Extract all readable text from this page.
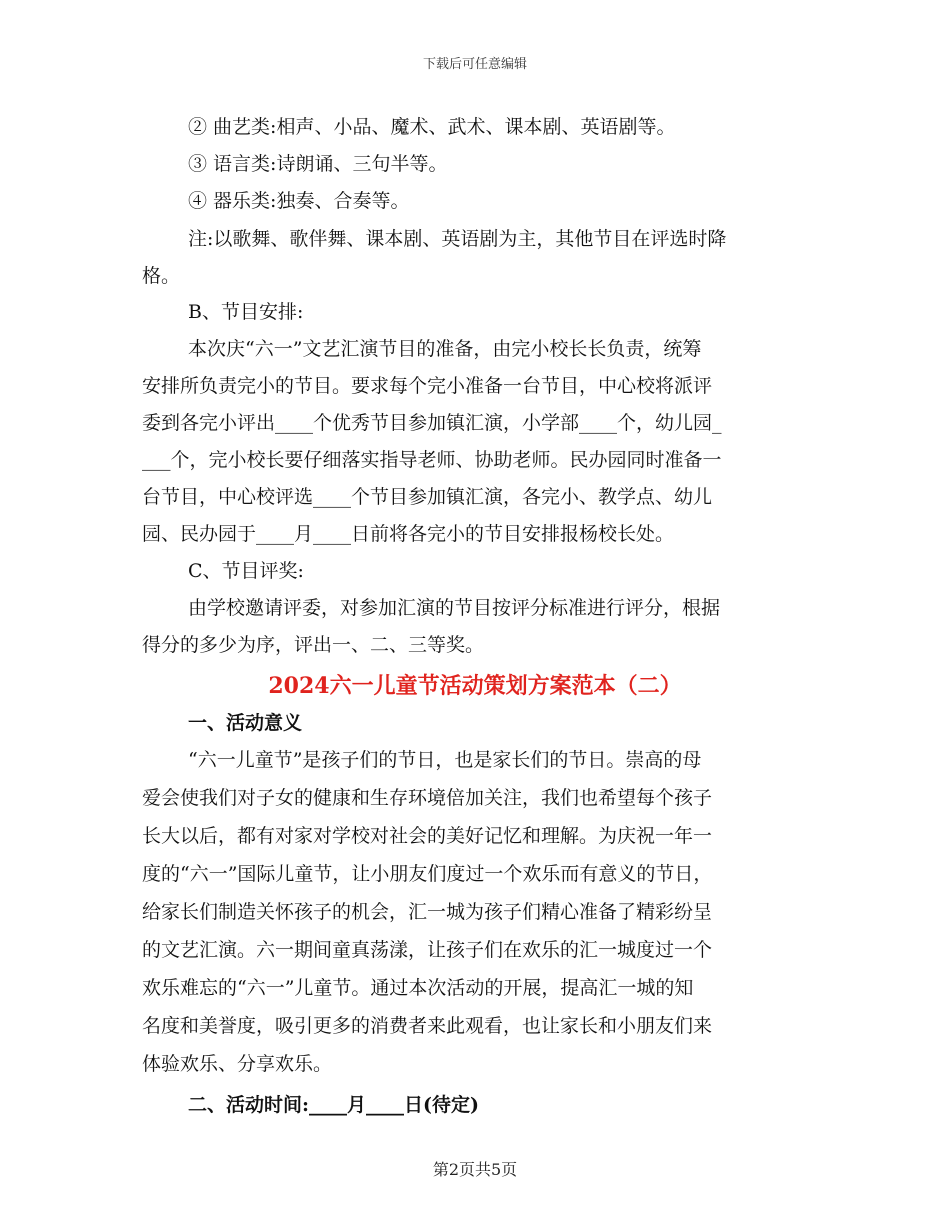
下载后可任意编辑
② 曲艺类:相声、小品、魔术、武术、课本剧、英语剧等。
③ 语言类:诗朗诵、三句半等。
④ 器乐类:独奏、合奏等。
注:以歌舞、歌伴舞、课本剧、英语剧为主，其他节目在评选时降
格。
B、节目安排:
本次庆“六一”文艺汇演节目的准备，由完小校长长负责，统筹
安排所负责完小的节目。要求每个完小准备一台节目，中心校将派评
委到各完小评出____个优秀节目参加镇汇演，小学部____个，幼儿园_
___个，完小校长要仔细落实指导老师、协助老师。民办园同时准备一
台节目，中心校评选____个节目参加镇汇演，各完小、教学点、幼儿
园、民办园于____月____日前将各完小的节目安排报杨校长处。
C、节目评奖:
由学校邀请评委，对参加汇演的节目按评分标准进行评分，根据
得分的多少为序，评出一、二、三等奖。
2024六一儿童节活动策划方案范本（二）
一、活动意义
“六一儿童节”是孩子们的节日，也是家长们的节日。崇高的母
爱会使我们对子女的健康和生存环境倍加关注，我们也希望每个孩子
长大以后，都有对家对学校对社会的美好记忆和理解。为庆祝一年一
度的“六一”国际儿童节，让小朋友们度过一个欢乐而有意义的节日，
给家长们制造关怀孩子的机会，汇一城为孩子们精心准备了精彩纷呈
的文艺汇演。六一期间童真荡漾，让孩子们在欢乐的汇一城度过一个
欢乐难忘的“六一”儿童节。通过本次活动的开展，提高汇一城的知
名度和美誉度，吸引更多的消费者来此观看，也让家长和小朋友们来
体验欢乐、分享欢乐。
二、活动时间:____月____日(待定)
第2页共5页
